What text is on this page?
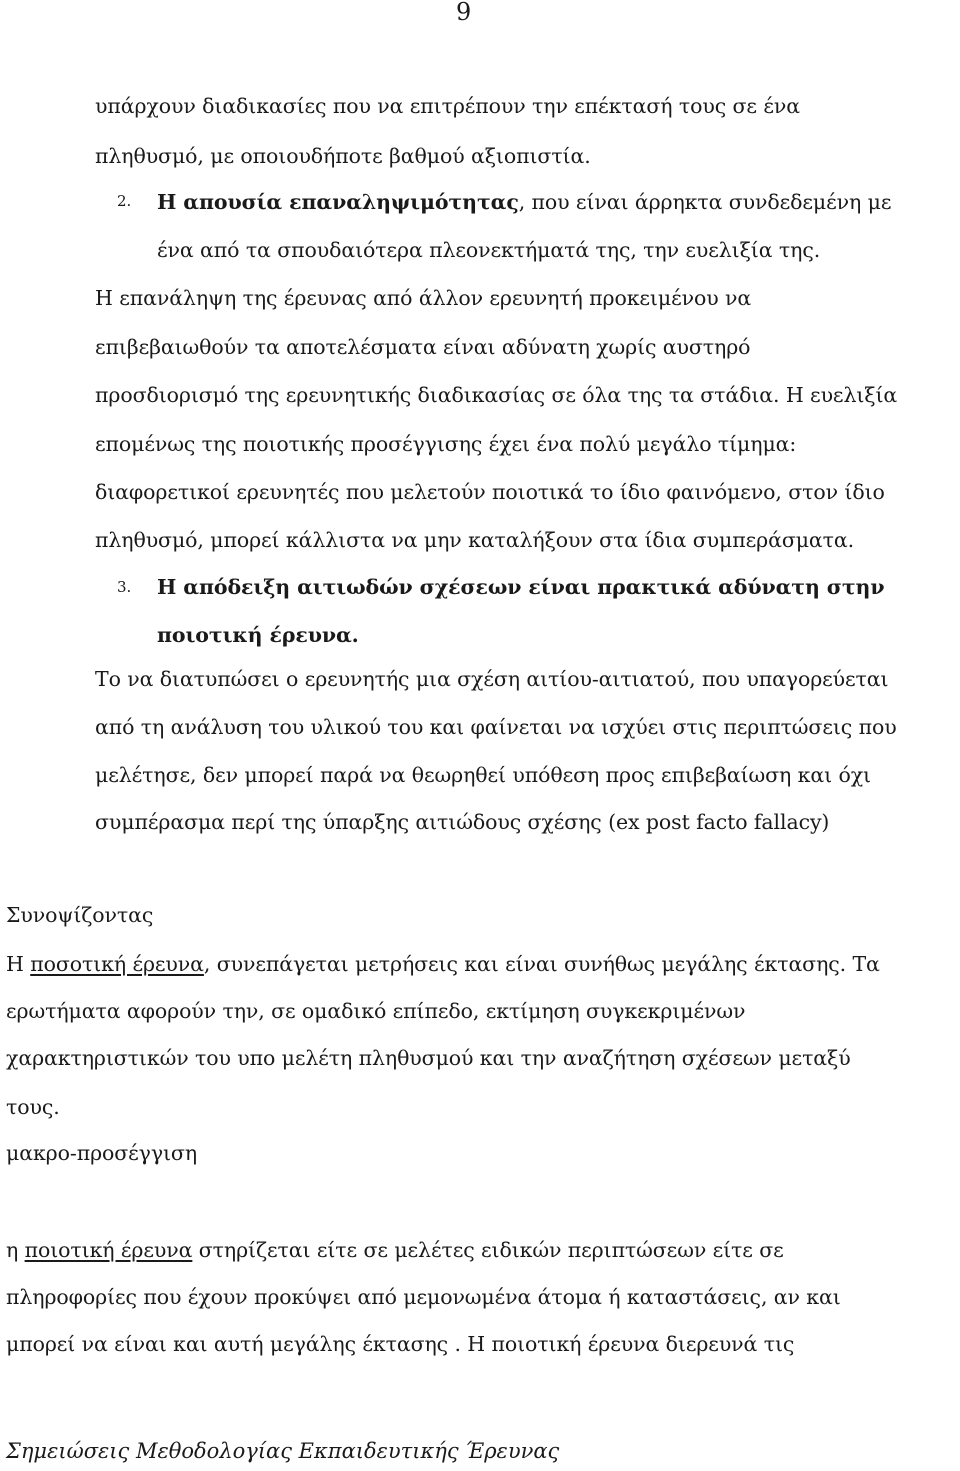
9
υπάρχουν διαδικασίες που να επιτρέπουν την επέκτασή τους σε ένα
πληθυσμό, με οποιουδήποτε βαθμού αξιοπιστία.
2. Η απουσία επαναληψιμότητας, που είναι άρρηκτα συνδεδεμένη με
ένα από τα σπουδαιότερα πλεονεκτήματά της, την ευελιξία της.
Η επανάληψη της έρευνας από άλλον ερευνητή προκειμένου να
επιβεβαιωθούν τα αποτελέσματα είναι αδύνατη χωρίς αυστηρό
προσδιορισμό της ερευνητικής διαδικασίας σε όλα της τα στάδια. Η ευελιξία
επομένως της ποιοτικής προσέγγισης έχει ένα πολύ μεγάλο τίμημα:
διαφορετικοί ερευνητές που μελετούν ποιοτικά το ίδιο φαινόμενο, στον ίδιο
πληθυσμό, μπορεί κάλλιστα να μην καταλήξουν στα ίδια συμπεράσματα.
3. Η απόδειξη αιτιωδών σχέσεων είναι πρακτικά αδύνατη στην
ποιοτική έρευνα.
Το να διατυπώσει ο ερευνητής μια σχέση αιτίου-αιτιατού, που υπαγορεύεται
από τη ανάλυση του υλικού του και φαίνεται να ισχύει στις περιπτώσεις που
μελέτησε, δεν μπορεί παρά να θεωρηθεί υπόθεση προς επιβεβαίωση και όχι
συμπέρασμα περί της ύπαρξης αιτιώδους σχέσης (ex post facto fallacy)
Συνοψίζοντας
Η ποσοτική έρευνα, συνεπάγεται μετρήσεις και είναι συνήθως μεγάλης έκτασης. Τα
ερωτήματα αφορούν την, σε ομαδικό επίπεδο, εκτίμηση συγκεκριμένων
χαρακτηριστικών του υπο μελέτη πληθυσμού και την αναζήτηση σχέσεων μεταξύ
τους.
μακρο-προσέγγιση
η ποιοτική έρευνα στηρίζεται είτε σε μελέτες ειδικών περιπτώσεων είτε σε
πληροφορίες που έχουν προκύψει από μεμονωμένα άτομα ή καταστάσεις, αν και
μπορεί να είναι και αυτή μεγάλης έκτασης . Η ποιοτική έρευνα διερευνά τις
Σημειώσεις Μεθοδολογίας Εκπαιδευτικής Έρευνας
